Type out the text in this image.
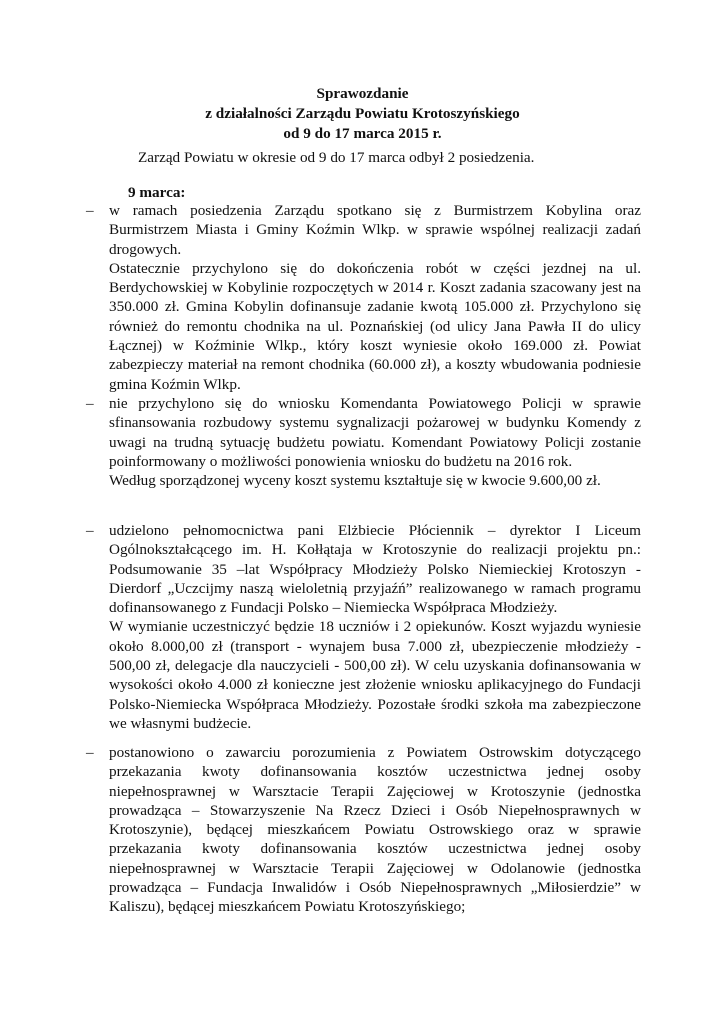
Sprawozdanie
z działalności Zarządu Powiatu Krotoszyńskiego
od 9 do 17 marca 2015 r.
Zarząd Powiatu w okresie od 9 do 17 marca odbył 2 posiedzenia.
9 marca:
–	w ramach posiedzenia Zarządu spotkano się z Burmistrzem Kobylina oraz Burmistrzem Miasta i Gminy Koźmin Wlkp. w sprawie wspólnej realizacji zadań drogowych.

Ostatecznie przychylono się do dokończenia robót w części jezdnej na ul. Berdychowskiej w Kobylinie rozpoczętych w 2014 r. Koszt zadania szacowany jest na 350.000 zł. Gmina Kobylin dofinansuje zadanie kwotą 105.000 zł. Przychylono się również do remontu chodnika na ul. Poznańskiej (od ulicy Jana Pawła II do ulicy Łącznej) w Koźminie Wlkp., który koszt wyniesie około 169.000 zł. Powiat zabezpieczy materiał na remont chodnika (60.000 zł), a koszty wbudowania podniesie gmina Koźmin Wlkp.

–	nie przychylono się do wniosku Komendanta Powiatowego Policji w sprawie sfinansowania rozbudowy systemu sygnalizacji pożarowej w budynku Komendy z uwagi na trudną sytuację budżetu powiatu. Komendant Powiatowy Policji zostanie poinformowany o możliwości ponowienia wniosku do budżetu na 2016 rok.

Według sporządzonej wyceny koszt systemu kształtuje się w kwocie 9.600,00 zł.

–	udzielono pełnomocnictwa pani Elżbiecie Płóciennik – dyrektor I Liceum Ogólnokształcącego im. H. Kołłątaja w Krotoszynie do realizacji projektu pn.: Podsumowanie 35 –lat Współpracy Młodzieży Polsko Niemieckiej Krotoszyn - Dierdorf „Uczcijmy naszą wieloletnią przyjaźń” realizowanego w ramach programu dofinansowanego z Fundacji Polsko – Niemiecka Współpraca Młodzieży.

W wymianie uczestniczyć będzie 18 uczniów i 2 opiekunów. Koszt wyjazdu wyniesie około 8.000,00 zł (transport - wynajem busa 7.000 zł, ubezpieczenie młodzieży - 500,00 zł, delegacje dla nauczycieli - 500,00 zł). W celu uzyskania dofinansowania w wysokości około 4.000 zł konieczne jest złożenie wniosku aplikacyjnego do Fundacji Polsko-Niemiecka Współpraca Młodzieży. Pozostałe środki szkoła ma zabezpieczone we własnymi budżecie.

–	postanowiono o zawarciu porozumienia z Powiatem Ostrowskim dotyczącego przekazania kwoty dofinansowania kosztów uczestnictwa jednej osoby niepełnosprawnej w Warsztacie Terapii Zajęciowej w Krotoszynie (jednostka prowadząca – Stowarzyszenie Na Rzecz Dzieci i Osób Niepełnosprawnych w Krotoszynie), będącej mieszkańcem Powiatu Ostrowskiego oraz w sprawie przekazania kwoty dofinansowania kosztów uczestnictwa jednej osoby niepełnosprawnej w Warsztacie Terapii Zajęciowej w Odolanowie (jednostka prowadząca – Fundacja Inwalidów i Osób Niepełnosprawnych „Miłosierdzie” w Kaliszu), będącej mieszkańcem Powiatu Krotoszyńskiego;
